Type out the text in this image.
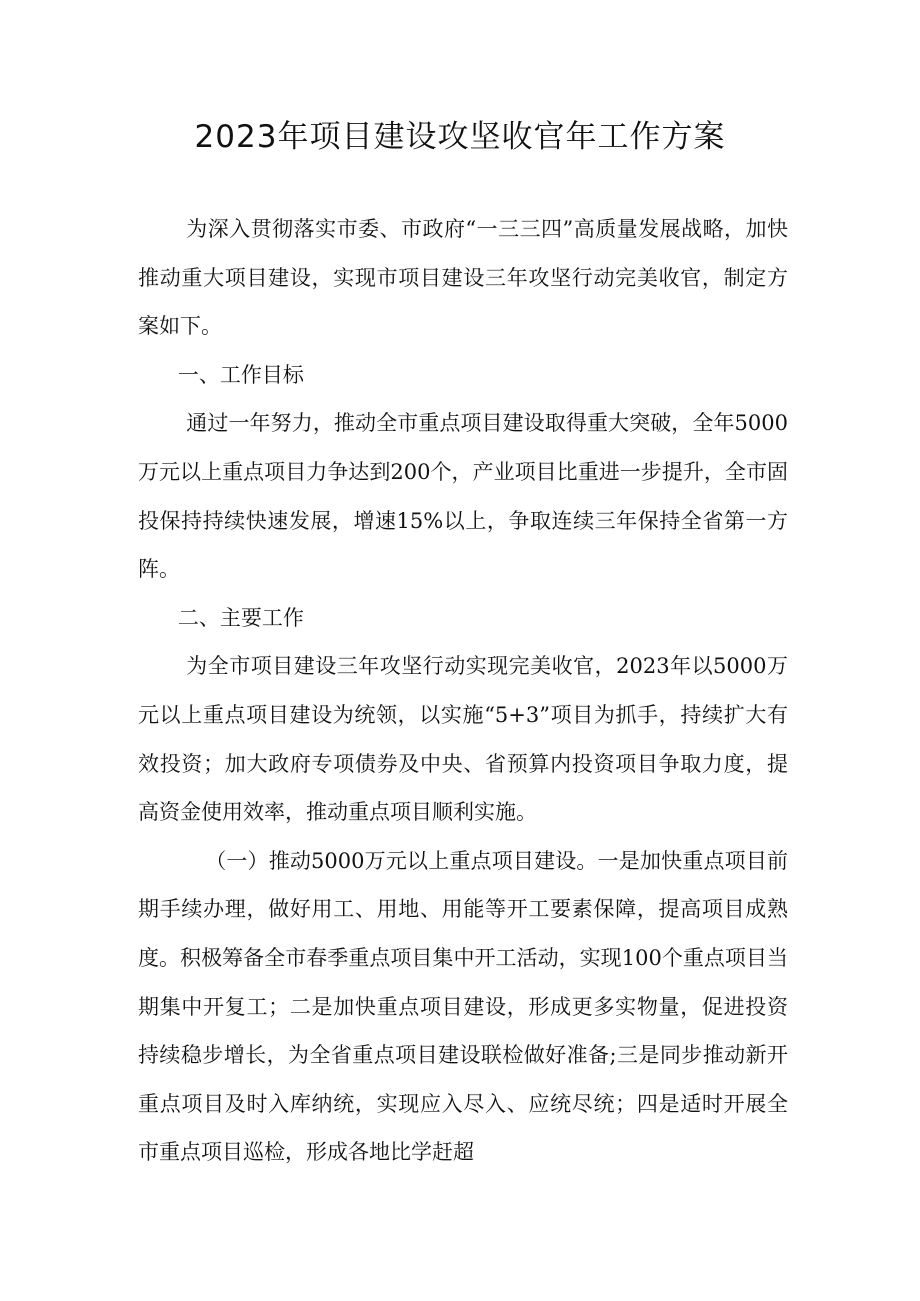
2023年项目建设攻坚收官年工作方案

为深入贯彻落实市委、市政府“一三三四”高质量发展战略，加快推动重大项目建设，实现市项目建设三年攻坚行动完美收官，制定方案如下。

一、工作目标

通过一年努力，推动全市重点项目建设取得重大突破，全年5000万元以上重点项目力争达到200个，产业项目比重进一步提升，全市固投保持持续快速发展，增速15%以上，争取连续三年保持全省第一方阵。

二、主要工作

为全市项目建设三年攻坚行动实现完美收官，2023年以5000万元以上重点项目建设为统领，以实施“5+3”项目为抓手，持续扩大有效投资；加大政府专项债券及中央、省预算内投资项目争取力度，提高资金使用效率，推动重点项目顺利实施。

（一）推动5000万元以上重点项目建设。一是加快重点项目前期手续办理，做好用工、用地、用能等开工要素保障，提高项目成熟度。积极筹备全市春季重点项目集中开工活动，实现100个重点项目当期集中开复工；二是加快重点项目建设，形成更多实物量，促进投资持续稳步增长，为全省重点项目建设联检做好准备;三是同步推动新开重点项目及时入库纳统，实现应入尽入、应统尽统；四是适时开展全市重点项目巡检，形成各地比学赶超
